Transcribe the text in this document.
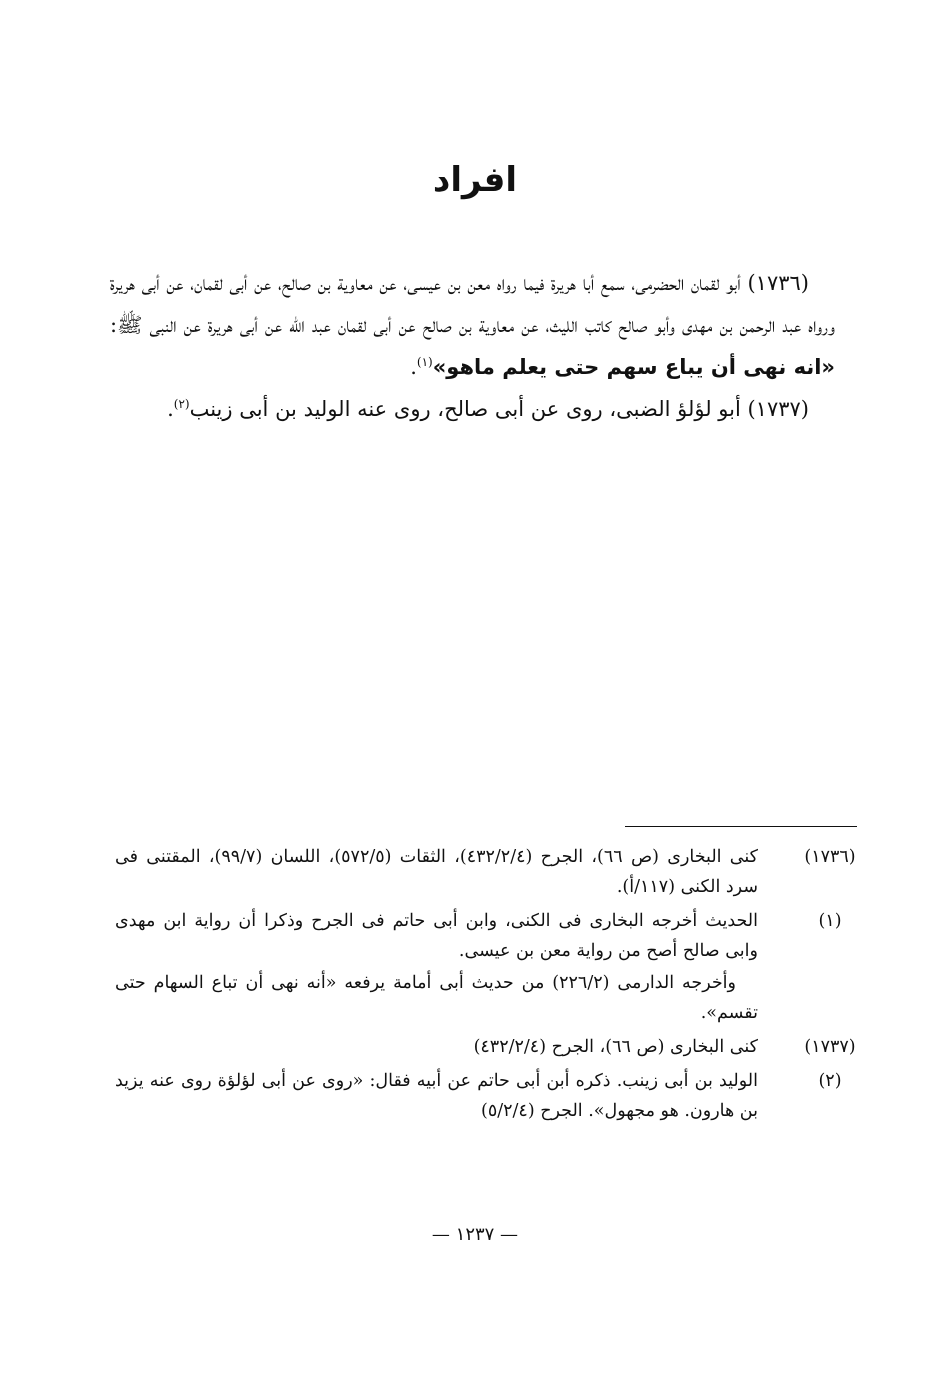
افراد

(١٧٣٦) أبو لقمان الحضرمى، سمع أبا هريرة فيما رواه معن بن عيسى، عن معاوية بن صالح، عن أبى لقمان، عن أبى هريرة ورواه عبد الرحمن بن مهدى وأبو صالح كاتب الليث، عن معاوية بن صالح عن أبى لقمان عبد الله عن أبى هريرة عن النبى ﷺ: «انه نهى أن يباع سهم حتى يعلم ماهو»$^{(١)}$.

(١٧٣٧) أبو لؤلؤ الضبى، روى عن أبى صالح، روى عنه الوليد بن أبى زينب$^{(٢)}$.

(١٧٣٦)
كنى البخارى (ص ٦٦)، الجرح (٤٣٢/٢/٤)، الثقات (٥٧٢/٥)، اللسان (٩٩/٧)، المقتنى فى سرد الكنى (١١٧/أ).
(١)
الحديث أخرجه البخارى فى الكنى، وابن أبى حاتم فى الجرح وذكرا أن رواية ابن مهدى وابى صالح أصح من رواية معن بن عيسى.
وأخرجه الدارمى (٢٢٦/٢) من حديث أبى أمامة يرفعه «أنه نهى أن تباع السهام حتى تقسم».
(١٧٣٧)
كنى البخارى (ص ٦٦)، الجرح (٤٣٢/٢/٤)
(٢)
الوليد بن أبى زينب. ذكره أبن أبى حاتم عن أبيه فقال: «روى عن أبى لؤلؤة روى عنه يزيد بن هارون. هو مجهول». الجرح (٥/٢/٤)
— ١٢٣٧ —
